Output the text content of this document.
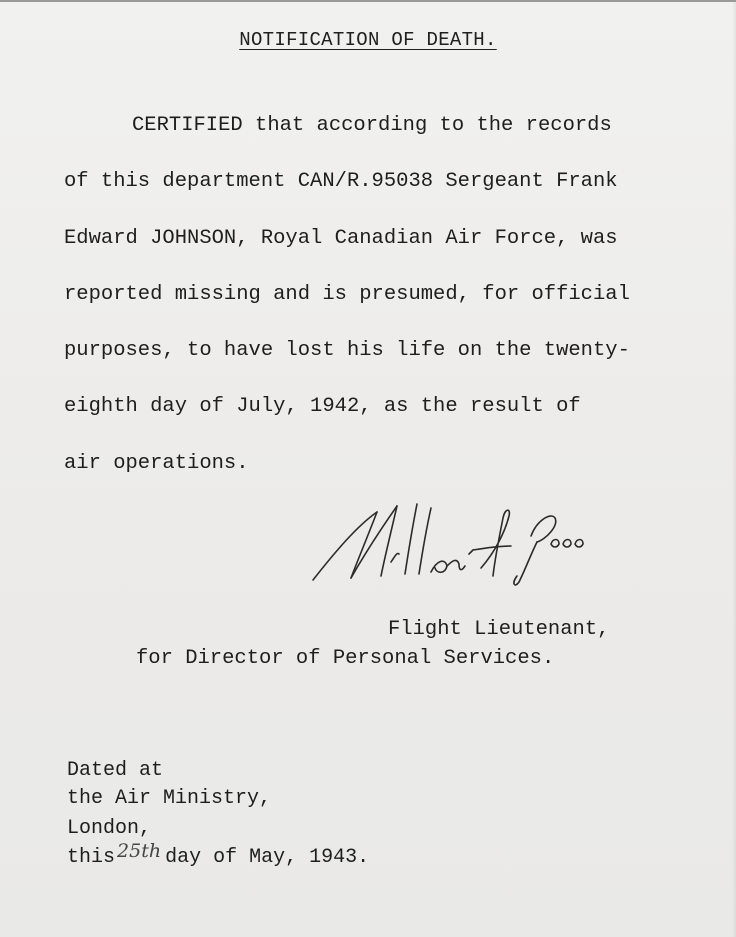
NOTIFICATION OF DEATH.
CERTIFIED that according to the records
of this department CAN/R.95038 Sergeant Frank
Edward JOHNSON, Royal Canadian Air Force, was
reported missing and is presumed, for official
purposes, to have lost his life on the twenty-
eighth day of July, 1942, as the result of
air operations.
Flight Lieutenant,
for Director of Personal Services.
Dated at
the Air Ministry,
London,
this 25th day of May, 1943.
